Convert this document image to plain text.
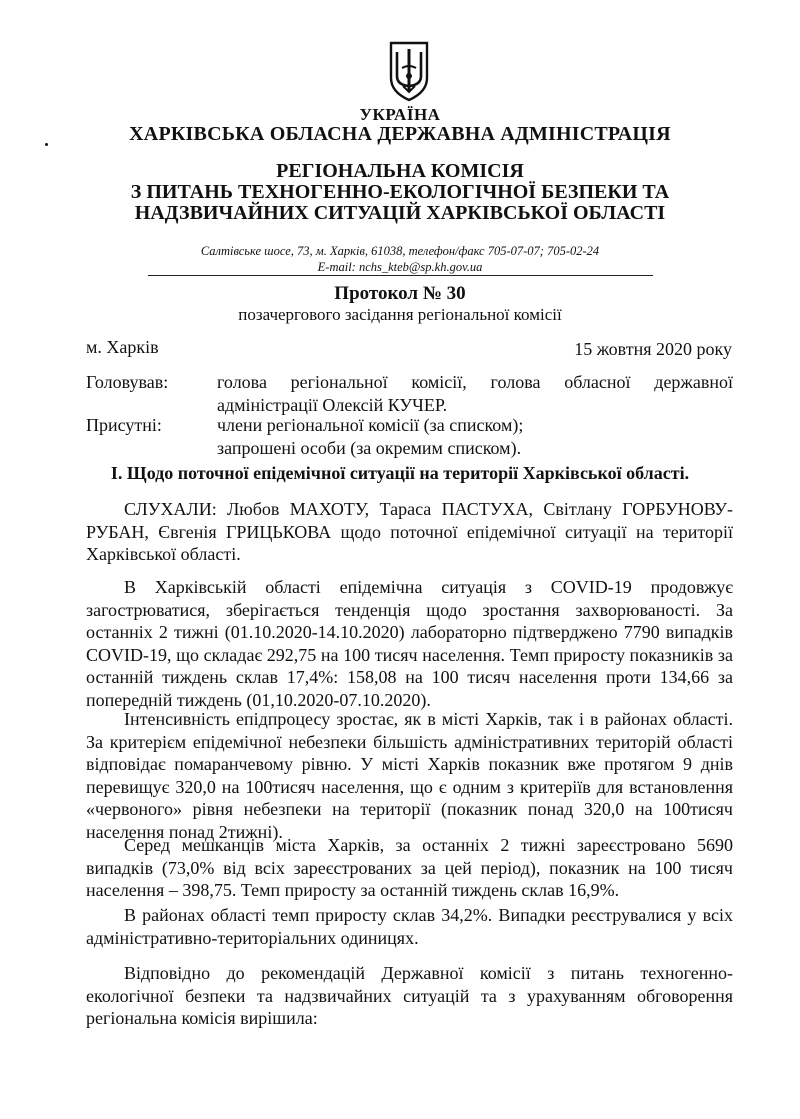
УКРАЇНА
ХАРКІВСЬКА ОБЛАСНА ДЕРЖАВНА АДМІНІСТРАЦІЯ
РЕГІОНАЛЬНА КОМІСІЯ
З ПИТАНЬ ТЕХНОГЕННО-ЕКОЛОГІЧНОЇ БЕЗПЕКИ ТА
НАДЗВИЧАЙНИХ СИТУАЦІЙ ХАРКІВСЬКОЇ ОБЛАСТІ
Салтівське шосе, 73, м. Харків, 61038, телефон/факс 705-07-07; 705-02-24
E-mail: nchs_kteb@sp.kh.gov.ua
Протокол № 30
позачергового засідання регіональної комісії
м. Харків	15 жовтня 2020 року
Головував:	голова регіональної комісії, голова обласної державної адміністрації Олексій КУЧЕР.
Присутні:	члени регіональної комісії (за списком);

запрошені особи (за окремим списком).

І. Щодо поточної епідемічної ситуації на території Харківської області.

СЛУХАЛИ: Любов МАХОТУ, Тараса ПАСТУХА, Світлану ГОРБУНОВУ-РУБАН, Євгенія ГРИЦЬКОВА щодо поточної епідемічної ситуації на території Харківської області.

В Харківській області епідемічна ситуація з COVID-19 продовжує загострюватися, зберігається тенденція щодо зростання захворюваності. За останніх 2 тижні (01.10.2020-14.10.2020) лабораторно підтверджено 7790 випадків COVID-19, що складає 292,75 на 100 тисяч населення. Темп приросту показників за останній тиждень склав 17,4%: 158,08 на 100 тисяч населення проти 134,66 за попередній тиждень (01,10.2020-07.10.2020).

Інтенсивність епідпроцесу зростає, як в місті Харків, так і в районах області. За критерієм епідемічної небезпеки більшість адміністративних територій області відповідає помаранчевому рівню. У місті Харків показник вже протягом 9 днів перевищує 320,0 на 100тисяч населення, що є одним з критеріїв для встановлення «червоного» рівня небезпеки на території (показник понад 320,0 на 100тисяч населення понад 2тижні).

Серед мешканців міста Харків, за останніх 2 тижні зареєстровано 5690 випадків (73,0% від всіх зареєстрованих за цей період), показник на 100 тисяч населення – 398,75. Темп приросту за останній тиждень склав 16,9%.

В районах області темп приросту склав 34,2%. Випадки реєструвалися у всіх адміністративно-територіальних одиницях.

Відповідно до рекомендацій Державної комісії з питань техногенно-екологічної безпеки та надзвичайних ситуацій та з урахуванням обговорення регіональна комісія вирішила:
